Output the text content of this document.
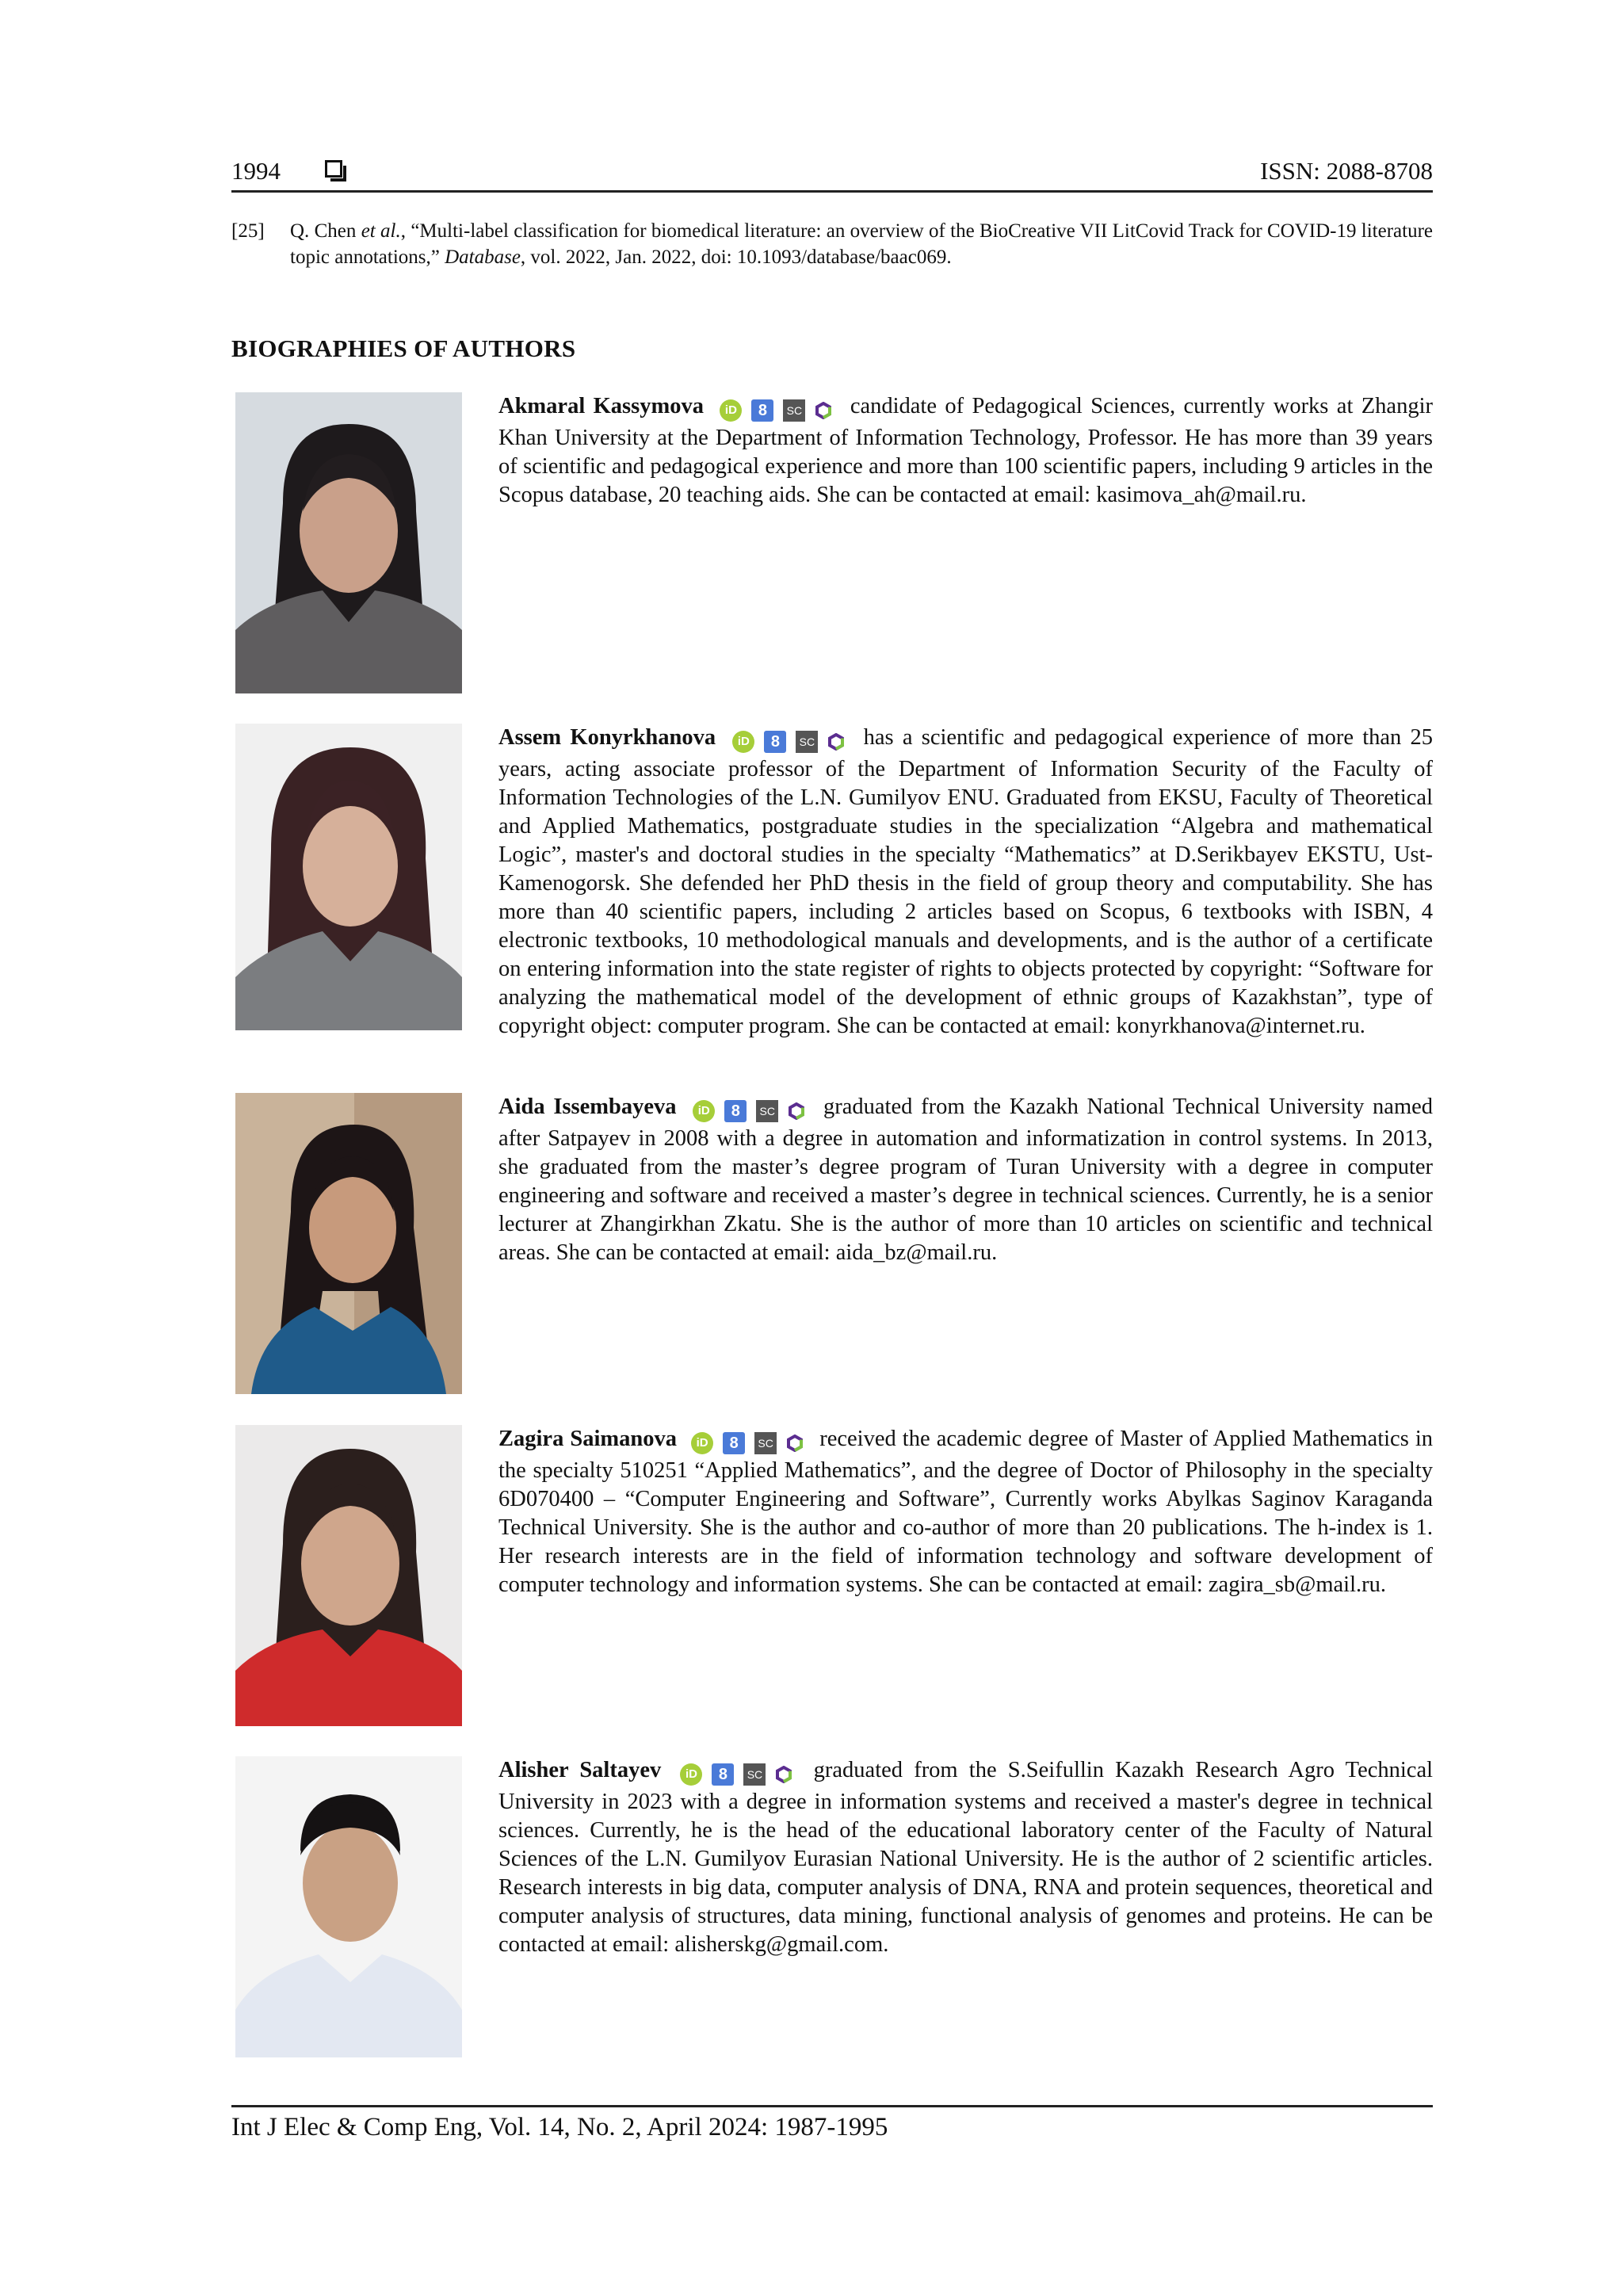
1994	ISSN: 2088-8708
[25] Q. Chen et al., “Multi-label classification for biomedical literature: an overview of the BioCreative VII LitCovid Track for COVID-19 literature topic annotations,” Database, vol. 2022, Jan. 2022, doi: 10.1093/database/baac069.
BIOGRAPHIES OF AUTHORS
Akmaral Kassymova iD 8 SC candidate of Pedagogical Sciences, currently works at Zhangir Khan University at the Department of Information Technology, Professor. He has more than 39 years of scientific and pedagogical experience and more than 100 scientific papers, including 9 articles in the Scopus database, 20 teaching aids. She can be contacted at email: kasimova_ah@mail.ru.
Assem Konyrkhanova iD 8 SC has a scientific and pedagogical experience of more than 25 years, acting associate professor of the Department of Information Security of the Faculty of Information Technologies of the L.N. Gumilyov ENU. Graduated from EKSU, Faculty of Theoretical and Applied Mathematics, postgraduate studies in the specialization “Algebra and mathematical Logic”, master's and doctoral studies in the specialty “Mathematics” at D.Serikbayev EKSTU, Ust-Kamenogorsk. She defended her PhD thesis in the field of group theory and computability. She has more than 40 scientific papers, including 2 articles based on Scopus, 6 textbooks with ISBN, 4 electronic textbooks, 10 methodological manuals and developments, and is the author of a certificate on entering information into the state register of rights to objects protected by copyright: “Software for analyzing the mathematical model of the development of ethnic groups of Kazakhstan”, type of copyright object: computer program. She can be contacted at email: konyrkhanova@internet.ru.
Aida Issembayeva iD 8 SC graduated from the Kazakh National Technical University named after Satpayev in 2008 with a degree in automation and informatization in control systems. In 2013, she graduated from the master’s degree program of Turan University with a degree in computer engineering and software and received a master’s degree in technical sciences. Currently, he is a senior lecturer at Zhangirkhan Zkatu. She is the author of more than 10 articles on scientific and technical areas. She can be contacted at email: aida_bz@mail.ru.
Zagira Saimanova iD 8 SC received the academic degree of Master of Applied Mathematics in the specialty 510251 “Applied Mathematics”, and the degree of Doctor of Philosophy in the specialty 6D070400 – “Computer Engineering and Software”, Currently works Abylkas Saginov Karaganda Technical University. She is the author and co-author of more than 20 publications. The h-index is 1. Her research interests are in the field of information technology and software development of computer technology and information systems. She can be contacted at email: zagira_sb@mail.ru.
Alisher Saltayev iD 8 SC graduated from the S.Seifullin Kazakh Research Agro Technical University in 2023 with a degree in information systems and received a master's degree in technical sciences. Currently, he is the head of the educational laboratory center of the Faculty of Natural Sciences of the L.N. Gumilyov Eurasian National University. He is the author of 2 scientific articles. Research interests in big data, computer analysis of DNA, RNA and protein sequences, theoretical and computer analysis of structures, data mining, functional analysis of genomes and proteins. He can be contacted at email: alisherskg@gmail.com.
Int J Elec & Comp Eng, Vol. 14, No. 2, April 2024: 1987-1995
